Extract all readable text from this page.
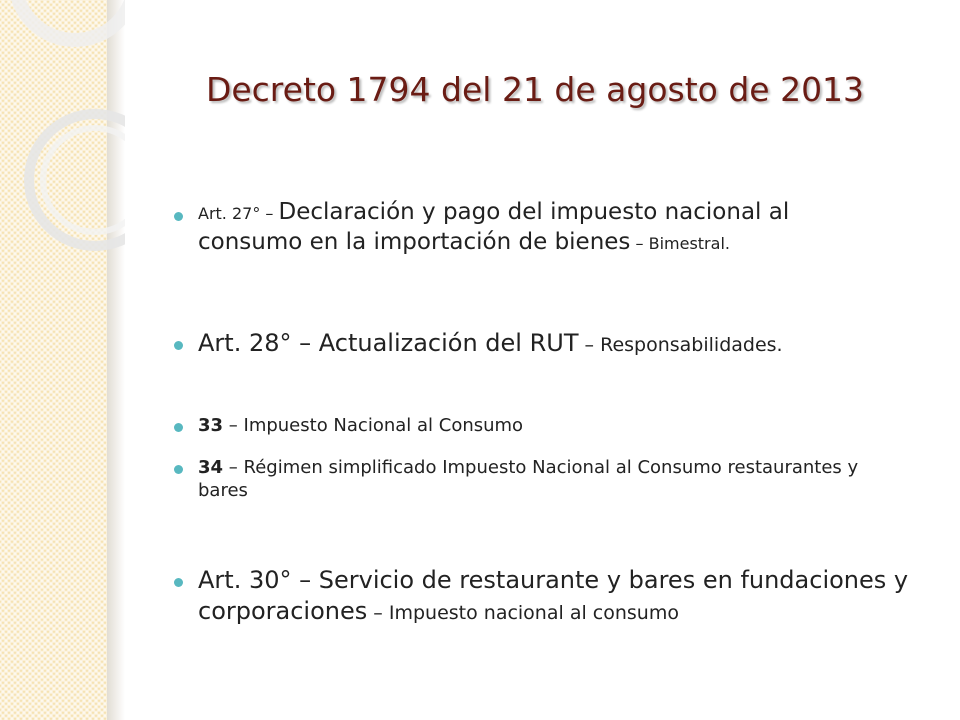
Decreto 1794 del 21 de agosto de 2013
Art. 27° – Declaración y pago del impuesto nacional al consumo en la importación de bienes – Bimestral.
Art. 28° – Actualización del RUT – Responsabilidades.
33 – Impuesto Nacional al Consumo
34 – Régimen simplificado Impuesto Nacional al Consumo restaurantes y bares
Art. 30° – Servicio de restaurante y bares en fundaciones y corporaciones – Impuesto nacional al consumo
